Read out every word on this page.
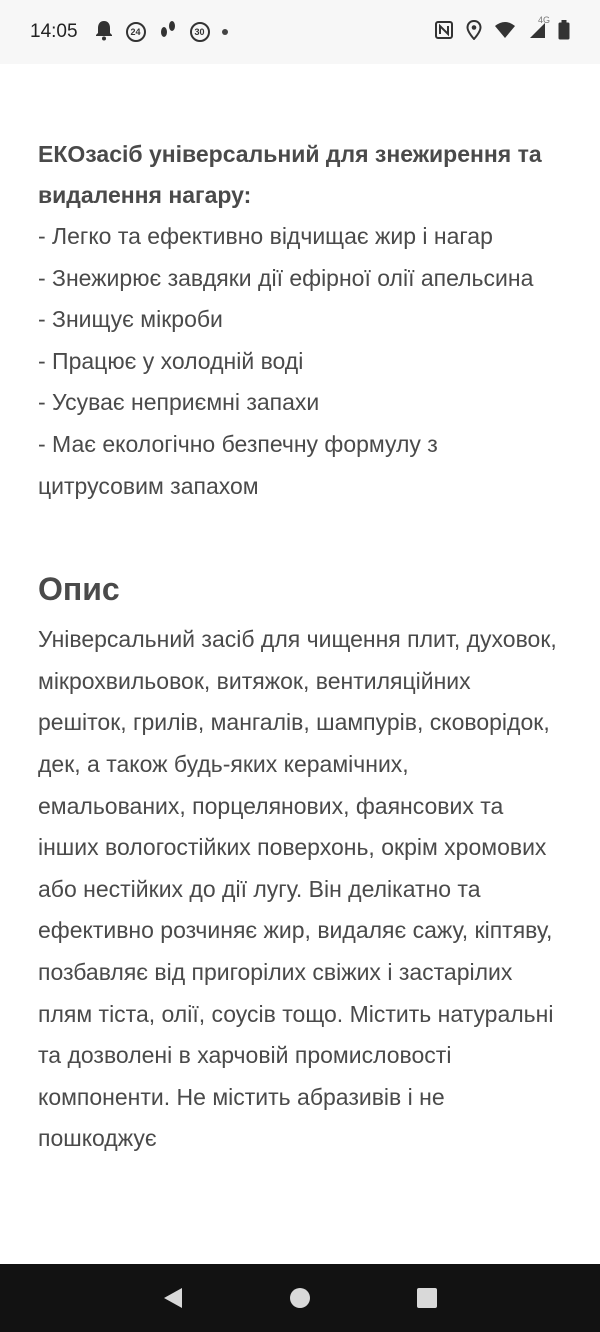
14:05	24	30
4G

ЕКОзасіб універсальний для знежирення та видалення нагару:

- Легко та ефективно відчищає жир і нагар

- Знежирює завдяки дії ефірної олії апельсина

- Знищує мікроби

- Працює у холодній воді

- Усуває неприємні запахи

- Має екологічно безпечну формулу з цитрусовим запахом

Опис

Універсальний засіб для чищення плит, духовок, мікрохвильовок, витяжок, вентиляційних решіток, грилів, мангалів, шампурів, сковорідок, дек, а також будь-яких керамічних, емальованих, порцелянових, фаянсових та інших вологостійких поверхонь, окрім хромових або нестійких до дії лугу. Він делікатно та ефективно розчиняє жир, видаляє сажу, кіптяву, позбавляє від пригорілих свіжих і застарілих плям тіста, олії, соусів тощо. Містить натуральні та дозволені в харчовій промисловості компоненти. Не містить абразивів і не пошкоджує
